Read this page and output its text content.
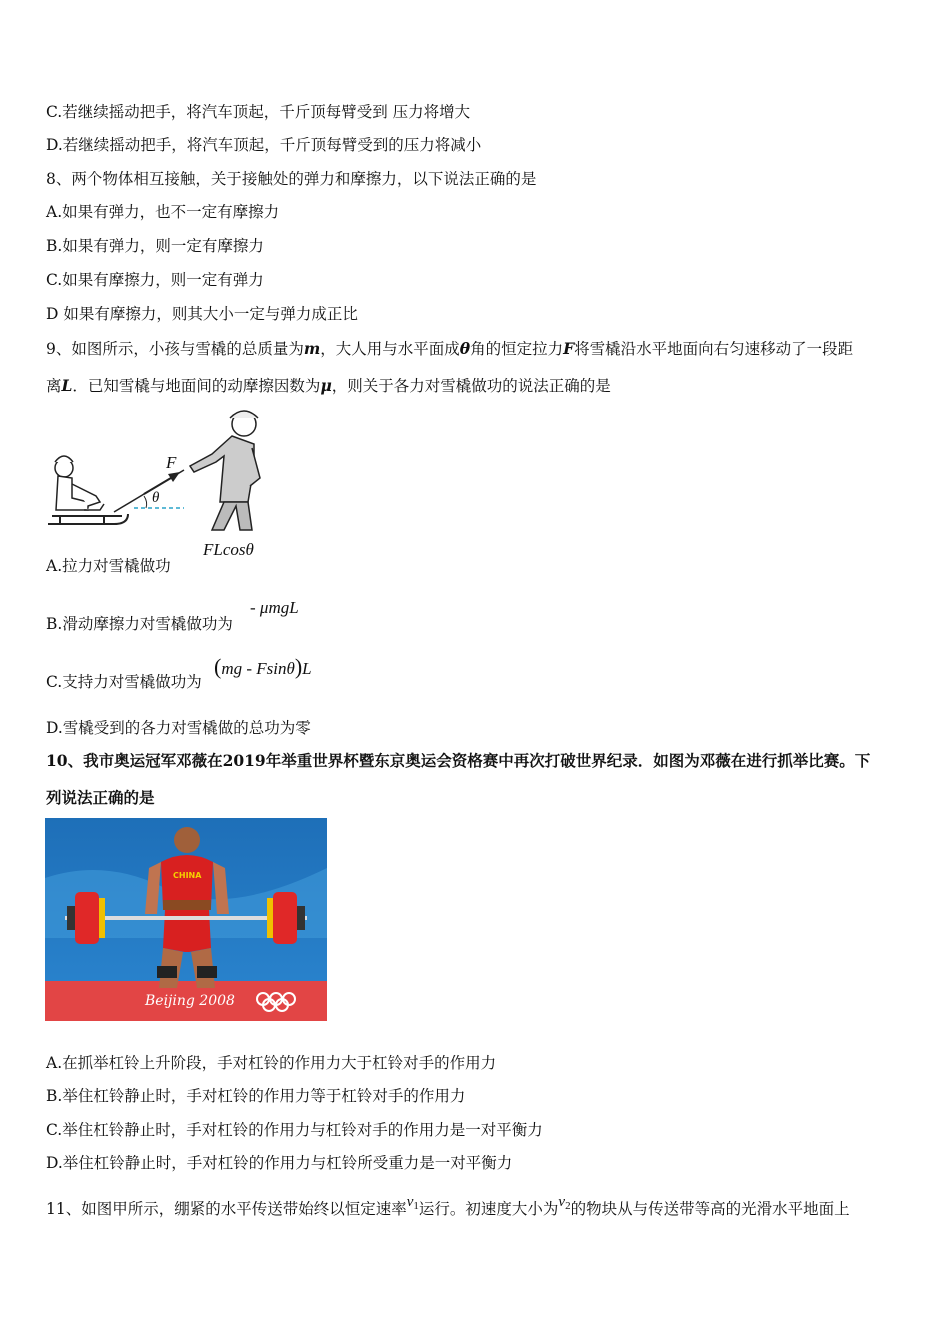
C.若继续摇动把手，将汽车顶起，千斤顶每臂受到 压力将增大
D.若继续摇动把手，将汽车顶起，千斤顶每臂受到的压力将减小
8、两个物体相互接触，关于接触处的弹力和摩擦力，以下说法正确的是
A.如果有弹力，也不一定有摩擦力
B.如果有弹力，则一定有摩擦力
C.如果有摩擦力，则一定有弹力
D 如果有摩擦力，则其大小一定与弹力成正比
9、如图所示，小孩与雪橇的总质量为m，大人用与水平面成θ角的恒定拉力F将雪橇沿水平地面向右匀速移动了一段距
离L．已知雪橇与地面间的动摩擦因数为μ，则关于各力对雪橇做功的说法正确的是
F
θ
A.拉力对雪橇做功
FLcosθ
B.滑动摩擦力对雪橇做功为
- μmgL
C.支持力对雪橇做功为
(mg - Fsinθ)L
D.雪橇受到的各力对雪橇做的总功为零
10、我市奥运冠军邓薇在2019年举重世界杯暨东京奥运会资格赛中再次打破世界纪录．如图为邓薇在进行抓举比赛。下
列说法正确的是
Beijing 2008
CHINA
A.在抓举杠铃上升阶段，手对杠铃的作用力大于杠铃对手的作用力
B.举住杠铃静止时，手对杠铃的作用力等于杠铃对手的作用力
C.举住杠铃静止时，手对杠铃的作用力与杠铃对手的作用力是一对平衡力
D.举住杠铃静止时，手对杠铃的作用力与杠铃所受重力是一对平衡力
11、如图甲所示，绷紧的水平传送带始终以恒定速率$v_1$运行。初速度大小为$v_2$的物块从与传送带等高的光滑水平地面上
